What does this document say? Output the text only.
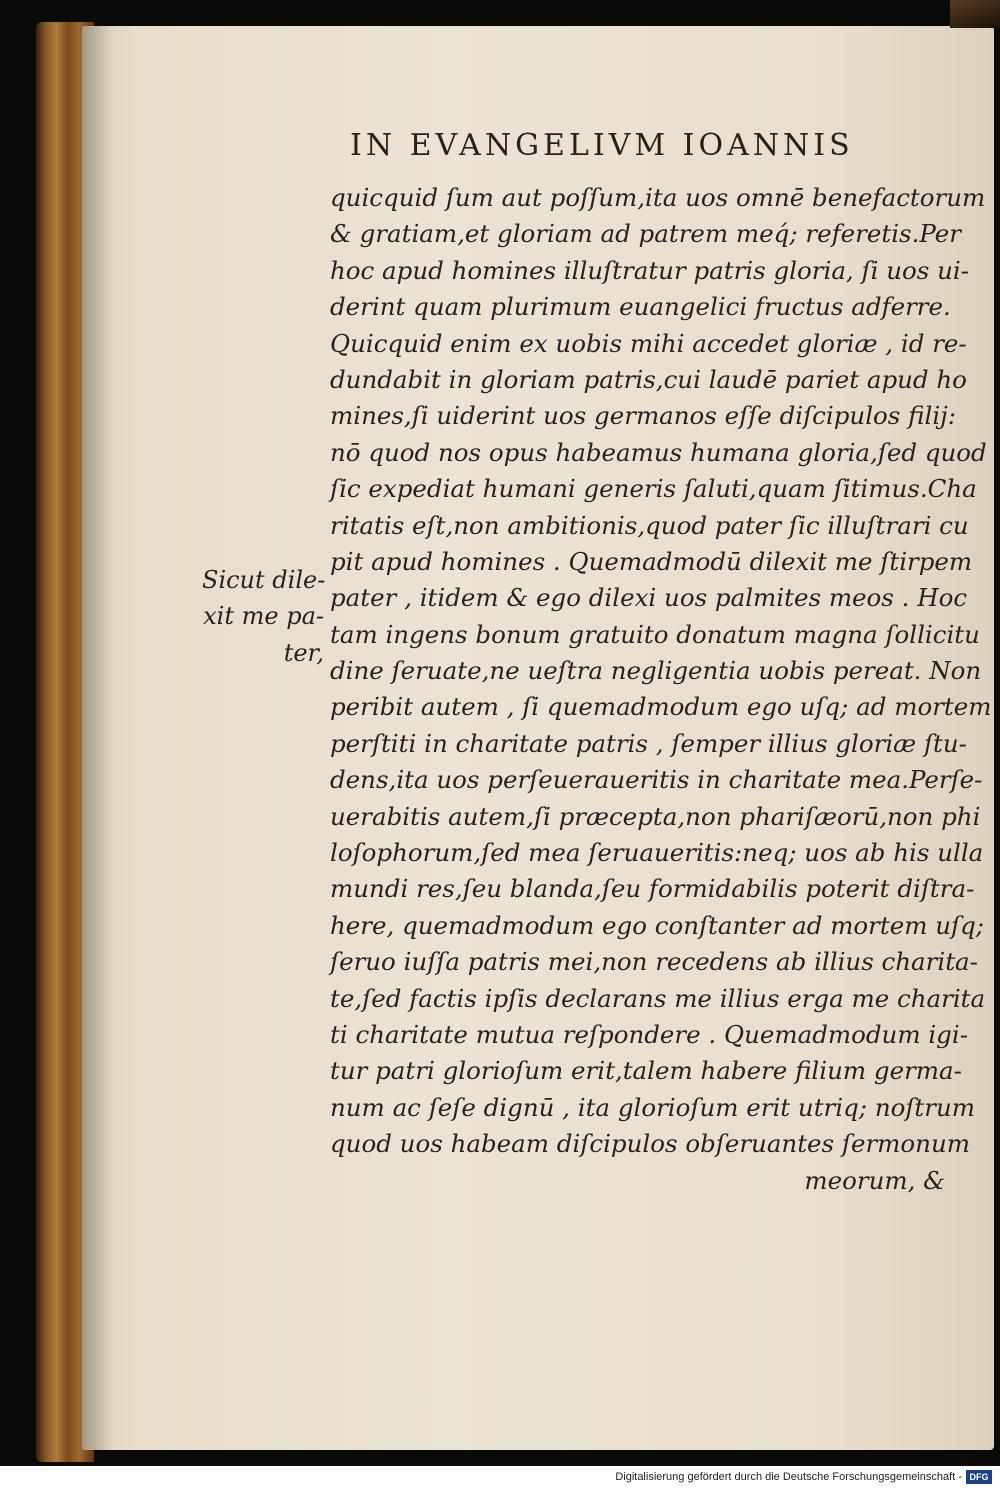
IN EVANGELIVM IOANNIS
Sicut dile-
xit me pa-
ter,
quicquid ſum aut poſſum,ita uos omnē benefactorum
& gratiam,et gloriam ad patrem meq́; referetis.Per
hoc apud homines illuſtratur patris gloria, ſi uos ui-
derint quam plurimum euangelici fructus adferre.
Quicquid enim ex uobis mihi accedet gloriæ , id re-
dundabit in gloriam patris,cui laudē pariet apud ho
mines,ſi uiderint uos germanos eſſe diſcipulos filij:
nō quod nos opus habeamus humana gloria,ſed quod
ſic expediat humani generis ſaluti,quam ſitimus.Cha
ritatis eſt,non ambitionis,quod pater ſic illuſtrari cu
pit apud homines . Quemadmodū dilexit me ſtirpem
pater , itidem & ego dilexi uos palmites meos . Hoc
tam ingens bonum gratuito donatum magna ſollicitu
dine ſeruate,ne ueſtra negligentia uobis pereat. Non
peribit autem , ſi quemadmodum ego uſq; ad mortem
perſtiti in charitate patris , ſemper illius gloriæ ſtu-
dens,ita uos perſeueraueritis in charitate mea.Perſe-
uerabitis autem,ſi præcepta,non phariſæorū,non phi
loſophorum,ſed mea ſeruaueritis:neq; uos ab his ulla
mundi res,ſeu blanda,ſeu formidabilis poterit diſtra-
here, quemadmodum ego conſtanter ad mortem uſq;
ſeruo iuſſa patris mei,non recedens ab illius charita-
te,ſed factis ipſis declarans me illius erga me charita
ti charitate mutua reſpondere . Quemadmodum igi-
tur patri glorioſum erit,talem habere filium germa-
num ac ſeſe dignū , ita glorioſum erit utriq; noſtrum
quod uos habeam diſcipulos obſeruantes ſermonum
meorum, &
Digitalisierung gefördert durch die Deutsche Forschungsgemeinschaft - DFG
